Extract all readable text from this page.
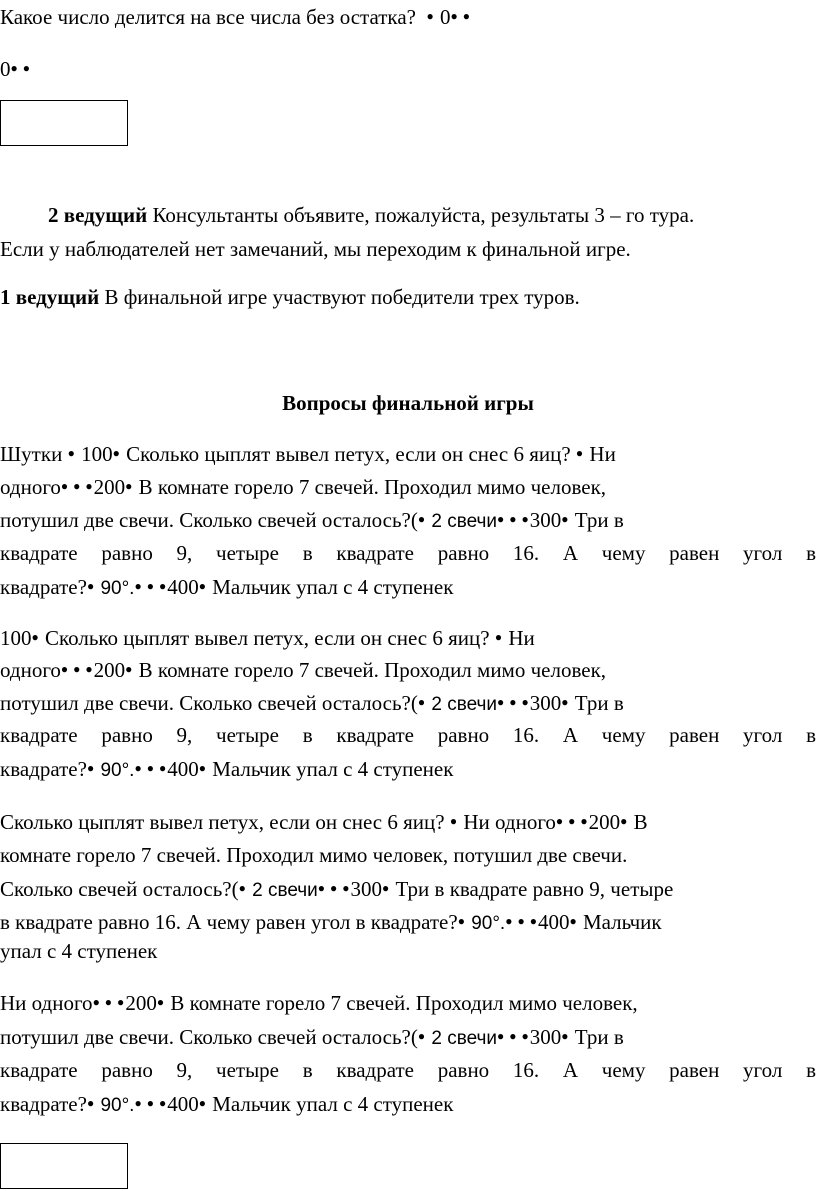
Какое число делится на все числа без остатка? ● 0● ●
0● ●
2 ведущий Консультанты объявите, пожалуйста, результаты 3 – го тура.
Если у наблюдателей нет замечаний, мы переходим к финальной игре.
1 ведущий В финальной игре участвуют победители трех туров.
Вопросы финальной игры
Шутки ● 100● Сколько цыплят вывел петух, если он снес 6 яиц? ● Ни
одного● ● ●200● В комнате горело 7 свечей. Проходил мимо человек,
потушил две свечи. Сколько свечей осталось?(● 2 свечи● ● ●300● Три в
квадрате равно 9, четыре в квадрате равно 16. А чему равен угол в
квадрате?● 90°.● ● ●400● Мальчик упал с 4 ступенек
100● Сколько цыплят вывел петух, если он снес 6 яиц? ● Ни
одного● ● ●200● В комнате горело 7 свечей. Проходил мимо человек,
потушил две свечи. Сколько свечей осталось?(● 2 свечи● ● ●300● Три в
квадрате равно 9, четыре в квадрате равно 16. А чему равен угол в
квадрате?● 90°.● ● ●400● Мальчик упал с 4 ступенек
Сколько цыплят вывел петух, если он снес 6 яиц? ● Ни одного● ● ●200● В
комнате горело 7 свечей. Проходил мимо человек, потушил две свечи.
Сколько свечей осталось?(● 2 свечи● ● ●300● Три в квадрате равно 9, четыре
в квадрате равно 16. А чему равен угол в квадрате?● 90°.● ● ●400● Мальчик
упал с 4 ступенек
Ни одного● ● ●200● В комнате горело 7 свечей. Проходил мимо человек,
потушил две свечи. Сколько свечей осталось?(● 2 свечи● ● ●300● Три в
квадрате равно 9, четыре в квадрате равно 16. А чему равен угол в
квадрате?● 90°.● ● ●400● Мальчик упал с 4 ступенек
